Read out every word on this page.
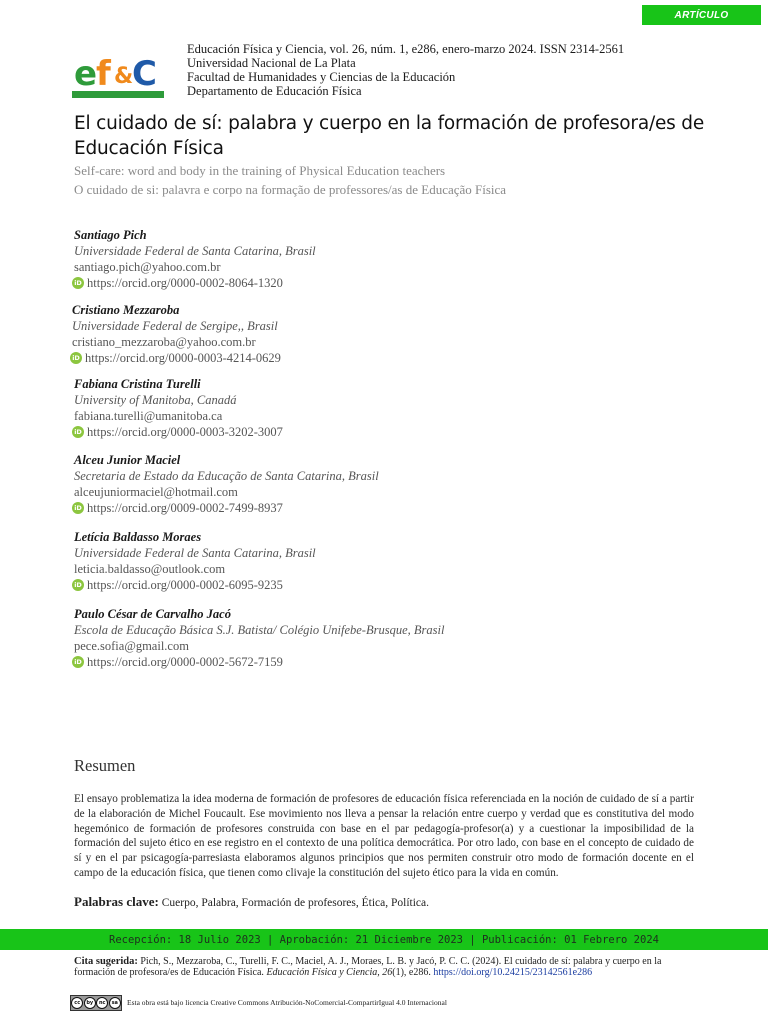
ARTÍCULO
e
f &
C
Educación Física y Ciencia, vol. 26, núm. 1, e286, enero-marzo 2024. ISSN 2314-2561
Universidad Nacional de La Plata
Facultad de Humanidades y Ciencias de la Educación
Departamento de Educación Física
El cuidado de sí: palabra y cuerpo en la formación de profesora/es de Educación Física
Self-care: word and body in the training of Physical Education teachers
O cuidado de si: palavra e corpo na formação de professores/as de Educação Física
Santiago Pich
Universidade Federal de Santa Catarina, Brasil
santiago.pich@yahoo.com.br
iD https://orcid.org/0000-0002-8064-1320
Cristiano Mezzaroba
Universidade Federal de Sergipe,, Brasil
cristiano_mezzaroba@yahoo.com.br
iD https://orcid.org/0000-0003-4214-0629
Fabiana Cristina Turelli
University of Manitoba, Canadá
fabiana.turelli@umanitoba.ca
iD https://orcid.org/0000-0003-3202-3007
Alceu Junior Maciel
Secretaria de Estado da Educação de Santa Catarina, Brasil
alceujuniormaciel@hotmail.com
iD https://orcid.org/0009-0002-7499-8937
Letícia Baldasso Moraes
Universidade Federal de Santa Catarina, Brasil
leticia.baldasso@outlook.com
iD https://orcid.org/0000-0002-6095-9235
Paulo César de Carvalho Jacó
Escola de Educação Básica S.J. Batista/ Colégio Unifebe-Brusque, Brasil
pece.sofia@gmail.com
iD https://orcid.org/0000-0002-5672-7159
Resumen

El ensayo problematiza la idea moderna de formación de profesores de educación física referenciada en la noción de cuidado de sí a partir de la elaboración de Michel Foucault. Ese movimiento nos lleva a pensar la relación entre cuerpo y verdad que es constitutiva del modo hegemónico de formación de profesores construida con base en el par pedagogía-profesor(a) y a cuestionar la imposibilidad de la formación del sujeto ético en ese registro en el contexto de una política democrática. Por otro lado, con base en el concepto de cuidado de sí y en el par psicagogía-parresiasta elaboramos algunos principios que nos permiten construir otro modo de formación docente en el campo de la educación física, que tienen como clivaje la constitución del sujeto ético para la vida en común.

Palabras clave: Cuerpo, Palabra, Formación de profesores, Ética, Política.
Recepción: 18 Julio 2023 | Aprobación: 21 Diciembre 2023 | Publicación: 01 Febrero 2024
Cita sugerida: Pich, S., Mezzaroba, C., Turelli, F. C., Maciel, A. J., Moraes, L. B. y Jacó, P. C. C. (2024). El cuidado de sí: palabra y cuerpo en la formación de profesora/es de Educación Física. Educación Física y Ciencia, 26(1), e286. https://doi.org/10.24215/23142561e286
cc	by	nc	sa	Esta obra está bajo licencia Creative Commons Atribución-NoComercial-CompartirIgual 4.0 Internacional
